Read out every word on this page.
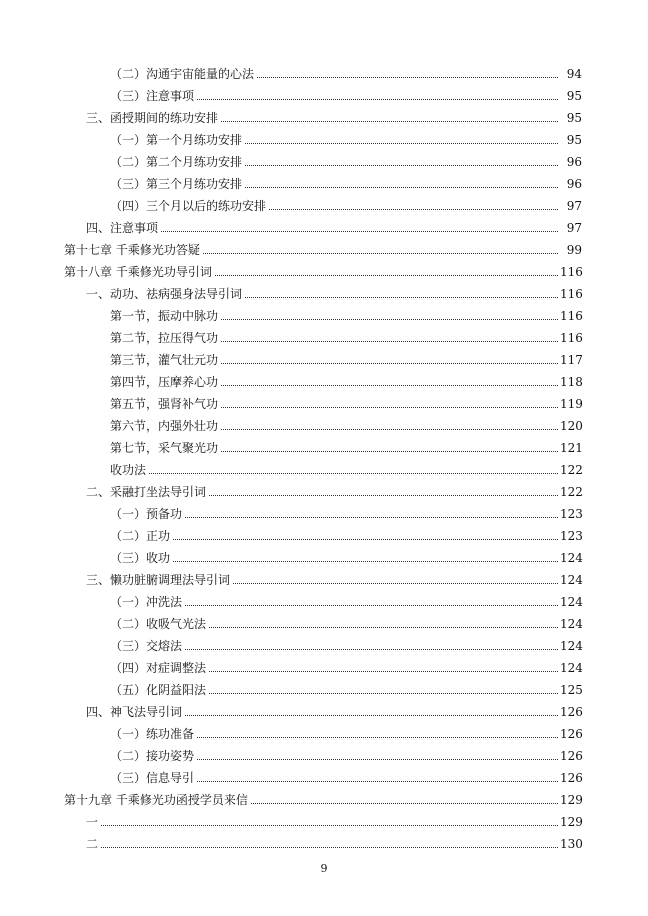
（二）沟通宇宙能量的心法	94
（三）注意事项	95
三、函授期间的练功安排	95
（一）第一个月练功安排	95
（二）第二个月练功安排	96
（三）第三个月练功安排	96
（四）三个月以后的练功安排	97
四、注意事项	97
第十七章 千乘修光功答疑	99
第十八章 千乘修光功导引词	116
一、动功、祛病强身法导引词	116
第一节，振动中脉功	116
第二节，拉压得气功	116
第三节，灌气壮元功	117
第四节，压摩养心功	118
第五节，强肾补气功	119
第六节，内强外壮功	120
第七节，采气聚光功	121
收功法	122
二、采融打坐法导引词	122
（一）预备功	123
（二）正功	123
（三）收功	124
三、懒功脏腑调理法导引词	124
（一）冲洗法	124
（二）收吸气光法	124
（三）交熔法	124
（四）对症调整法	124
（五）化阴益阳法	125
四、神飞法导引词	126
（一）练功准备	126
（二）接功姿势	126
（三）信息导引	126
第十九章 千乘修光功函授学员来信	129
一	129
二	130
9
